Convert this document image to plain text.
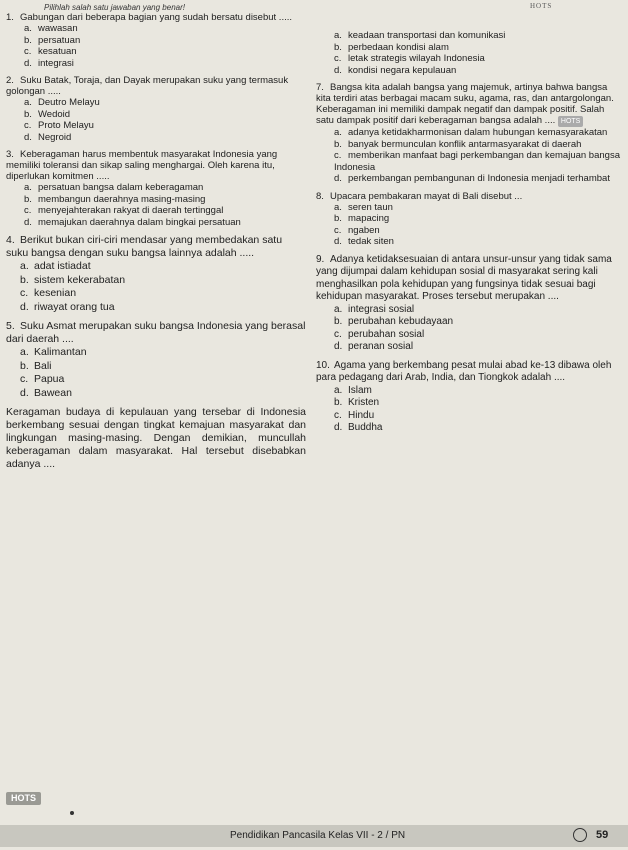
Pilihlah salah satu jawaban yang benar!	HOTS
1. Gabungan dari beberapa bagian yang sudah bersatu disebut .....
a. wawasan
b. persatuan
c. kesatuan
d. integrasi
2. Suku Batak, Toraja, dan Dayak merupakan suku yang termasuk golongan .....
a. Deutro Melayu
b. Wedoid
c. Proto Melayu
d. Negroid
3. Keberagaman harus membentuk masyarakat Indonesia yang memiliki toleransi dan sikap saling menghargai. Oleh karena itu, diperlukan komitmen .....
a. persatuan bangsa dalam keberagaman
b. membangun daerahnya masing-masing
c. menyejahterakan rakyat di daerah tertinggal
d. memajukan daerahnya dalam bingkai persatuan
4. Berikut bukan ciri-ciri mendasar yang membedakan satu suku bangsa dengan suku bangsa lainnya adalah .....
a. adat istiadat
b. sistem kekerabatan
c. kesenian
d. riwayat orang tua
5. Suku Asmat merupakan suku bangsa Indonesia yang berasal dari daerah ....
a. Kalimantan
b. Bali
c. Papua
d. Bawean
Keragaman budaya di kepulauan yang tersebar di Indonesia berkembang sesuai dengan tingkat kemajuan masyarakat dan lingkungan masing-masing. Dengan demikian, muncullah keberagaman dalam masyarakat. Hal tersebut disebabkan adanya ....
HOTS
a. keadaan transportasi dan komunikasi
b. perbedaan kondisi alam
c. letak strategis wilayah Indonesia
d. kondisi negara kepulauan
7. Bangsa kita adalah bangsa yang majemuk, artinya bahwa bangsa kita terdiri atas berbagai macam suku, agama, ras, dan antargolongan. Keberagaman ini memiliki dampak negatif dan dampak positif. Salah satu dampak positif dari keberagaman bangsa adalah .... HOTS
a. adanya ketidakharmonisan dalam hubungan kemasyarakatan
b. banyak bermunculan konflik antarmasyarakat di daerah
c. memberikan manfaat bagi perkembangan dan kemajuan bangsa Indonesia
d. perkembangan pembangunan di Indonesia menjadi terhambat
8. Upacara pembakaran mayat di Bali disebut ...
a. seren taun
b. mapacing
c. ngaben
d. tedak siten
9. Adanya ketidaksesuaian di antara unsur-unsur yang tidak sama yang dijumpai dalam kehidupan sosial di masyarakat sering kali menghasilkan pola kehidupan yang fungsinya tidak sesuai bagi kehidupan masyarakat. Proses tersebut merupakan ....
a. integrasi sosial
b. perubahan kebudayaan
c. perubahan sosial
d. peranan sosial
10. Agama yang berkembang pesat mulai abad ke-13 dibawa oleh para pedagang dari Arab, India, dan Tiongkok adalah ....
a. Islam
b. Kristen
c. Hindu
d. Buddha
Pendidikan Pancasila Kelas VII - 2 / PN	59
